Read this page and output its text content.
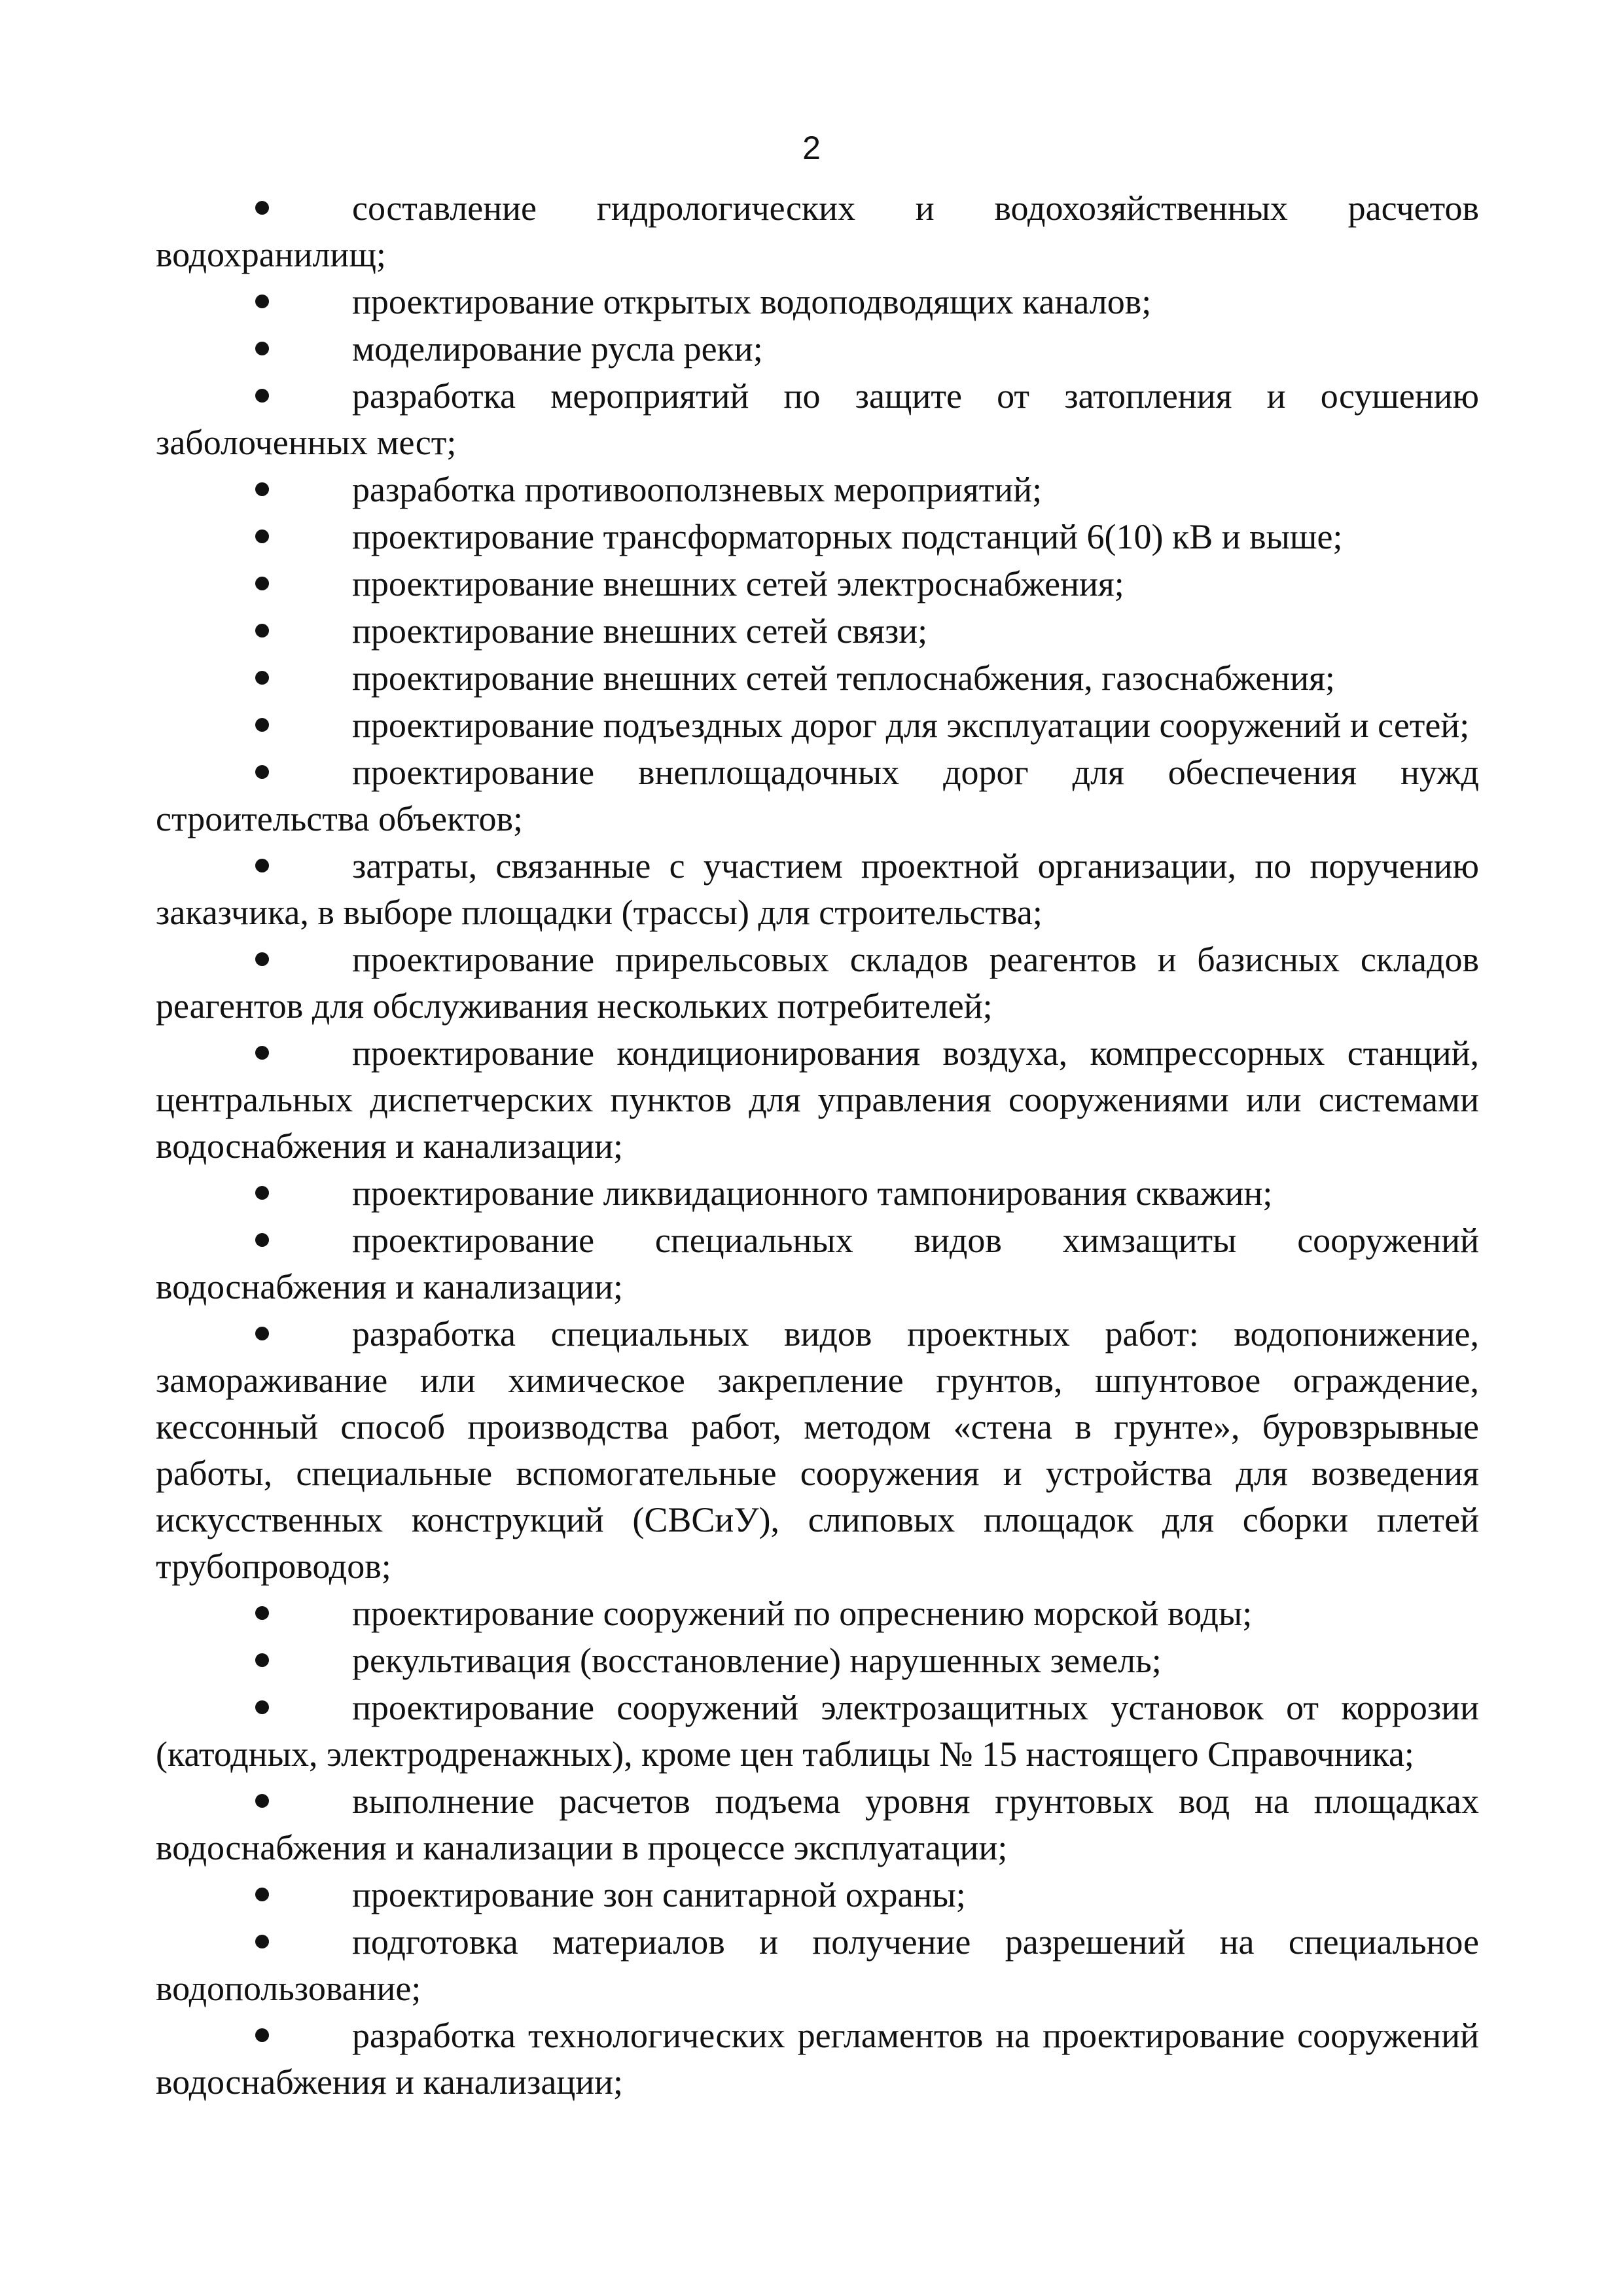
2
составление гидрологических и водохозяйственных расчетов водохранилищ;
проектирование открытых водоподводящих каналов;
моделирование русла реки;
разработка мероприятий по защите от затопления и осушению заболоченных мест;
разработка противооползневых мероприятий;
проектирование трансформаторных подстанций 6(10) кВ и выше;
проектирование внешних сетей электроснабжения;
проектирование внешних сетей связи;
проектирование внешних сетей теплоснабжения, газоснабжения;
проектирование подъездных дорог для эксплуатации сооружений и сетей;
проектирование внеплощадочных дорог для обеспечения нужд строительства объектов;
затраты, связанные с участием проектной организации, по поручению заказчика, в выборе площадки (трассы) для строительства;
проектирование прирельсовых складов реагентов и базисных складов реагентов для обслуживания нескольких потребителей;
проектирование кондиционирования воздуха, компрессорных станций, центральных диспетчерских пунктов для управления сооружениями или системами водоснабжения и канализации;
проектирование ликвидационного тампонирования скважин;
проектирование специальных видов химзащиты сооружений водоснабжения и канализации;
разработка специальных видов проектных работ: водопонижение, замораживание или химическое закрепление грунтов, шпунтовое ограждение, кессонный способ производства работ, методом «стена в грунте», буровзрывные работы, специальные вспомогательные сооружения и устройства для возведения искусственных конструкций (СВСиУ), слиповых площадок для сборки плетей трубопроводов;
проектирование сооружений по опреснению морской воды;
рекультивация (восстановление) нарушенных земель;
проектирование сооружений электрозащитных установок от коррозии (катодных, электродренажных), кроме цен таблицы № 15 настоящего Справочника;
выполнение расчетов подъема уровня грунтовых вод на площадках водоснабжения и канализации в процессе эксплуатации;
проектирование зон санитарной охраны;
подготовка материалов и получение разрешений на специальное водопользование;
разработка технологических регламентов на проектирование сооружений водоснабжения и канализации;
